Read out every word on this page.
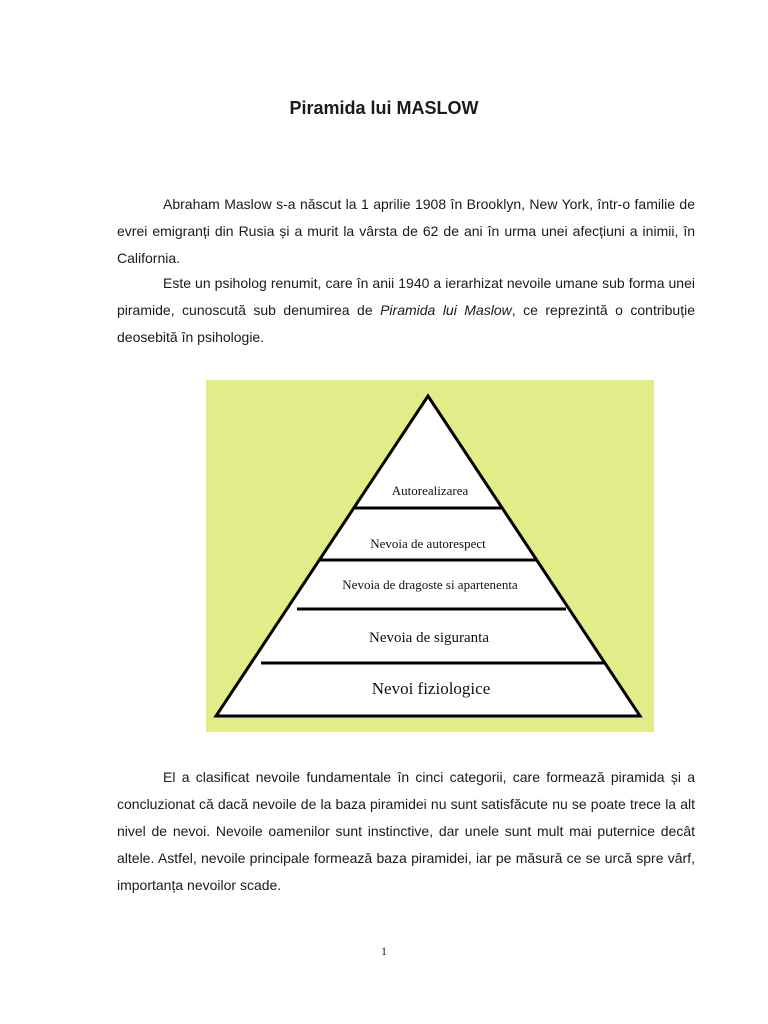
Piramida lui MASLOW

Abraham Maslow s-a născut la 1 aprilie 1908 în Brooklyn, New York, într-o familie de evrei emigranți din Rusia și a murit la vârsta de 62 de ani în urma unei afecțiuni a inimii, în California.

Este un psiholog renumit, care în anii 1940 a ierarhizat nevoile umane sub forma unei piramide, cunoscută sub denumirea de Piramida lui Maslow, ce reprezintă o contribuție deosebită în psihologie.

Autorealizarea
Nevoia de autorespect
Nevoia de dragoste si apartenenta
Nevoia de siguranta
Nevoi fiziologice

El a clasificat nevoile fundamentale în cinci categorii, care formează piramida și a concluzionat că dacă nevoile de la baza piramidei nu sunt satisfăcute nu se poate trece la alt nivel de nevoi. Nevoile oamenilor sunt instinctive, dar unele sunt mult mai puternice decât altele. Astfel, nevoile principale formează baza piramidei, iar pe măsură ce se urcă spre vârf, importanța nevoilor scade.

1
